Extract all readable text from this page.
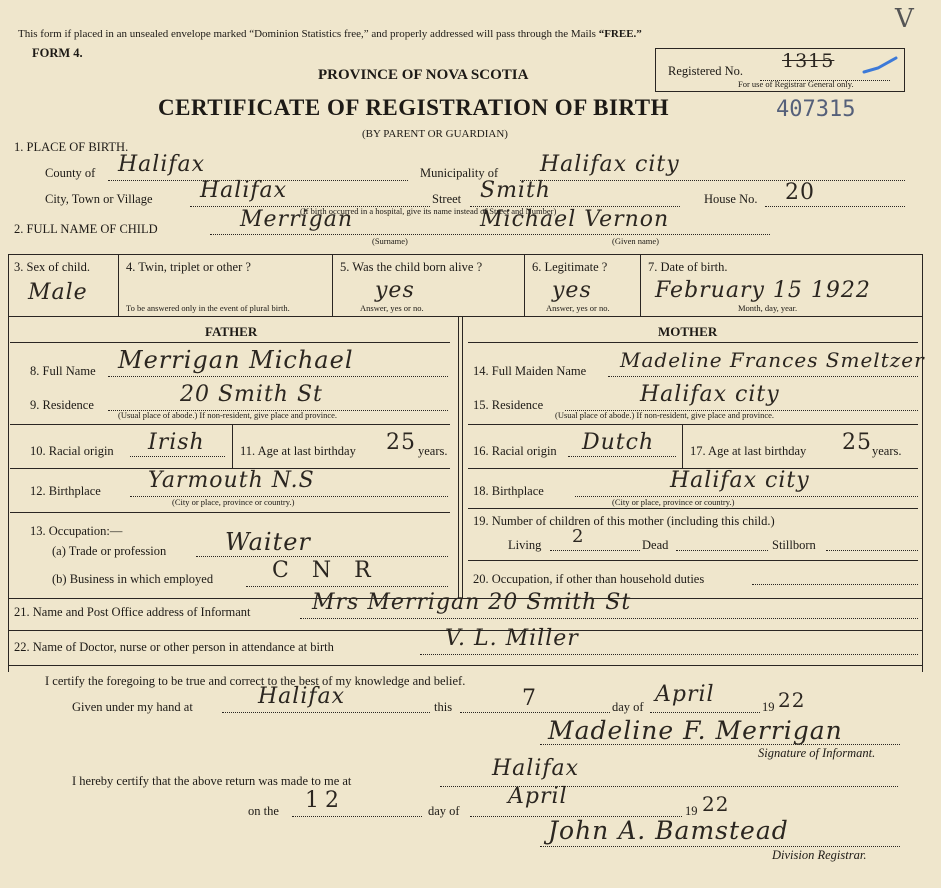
This form if placed in an unsealed envelope marked “Dominion Statistics free,” and properly addressed will pass through the Mails “FREE.”	V
FORM 4.
PROVINCE OF NOVA SCOTIA
CERTIFICATE OF REGISTRATION OF BIRTH	407315
(BY PARENT OR GUARDIAN)
Registered No. 1315
For use of Registrar General only.
1. PLACE OF BIRTH.
County of Halifax	Municipality of Halifax city
City, Town or Village Halifax	Street Smith	House No. 20
(If birth occurred in a hospital, give its name instead of Street and Number)
2. FULL NAME OF CHILD	Merrigan	Michael Vernon
(Surname)	(Given name)
3. Sex of child.
Male
4. Twin, triplet or other ?
To be answered only in the event of plural birth.
5. Was the child born alive ?
yes
Answer, yes or no.
6. Legitimate ?
yes
Answer, yes or no.
7. Date of birth.
February 15 1922
Month, day, year.
FATHER	MOTHER
8. Full Name Merrigan Michael
9. Residence	20 Smith St
(Usual place of abode.) If non-resident, give place and province.
10. Racial origin Irish	11. Age at last birthday 25 years.
12. Birthplace Yarmouth N.S
(City or place, province or country.)
13. Occupation:—
(a) Trade or profession Waiter
(b) Business in which employed	C N R
14. Full Maiden Name Madeline Frances Smeltzer
15. Residence	Halifax city
(Usual place of abode.) If non-resident, give place and province.
16. Racial origin Dutch	17. Age at last birthday 25 years.
18. Birthplace	Halifax city
(City or place, province or country.)
19. Number of children of this mother (including this child.)
Living 2	Dead	Stillborn
20. Occupation, if other than household duties
21. Name and Post Office address of Informant	Mrs Merrigan 20 Smith St
22. Name of Doctor, nurse or other person in attendance at birth	V. L. Miller
I certify the foregoing to be true and correct to the best of my knowledge and belief.
Given under my hand at	Halifax	this	7	day of April	19 22
Madeline F. Merrigan
Signature of Informant.
I hereby certify that the above return was made to me at	Halifax
on the 12	day of
April
19 22
John A. Bamstead
Division Registrar.
